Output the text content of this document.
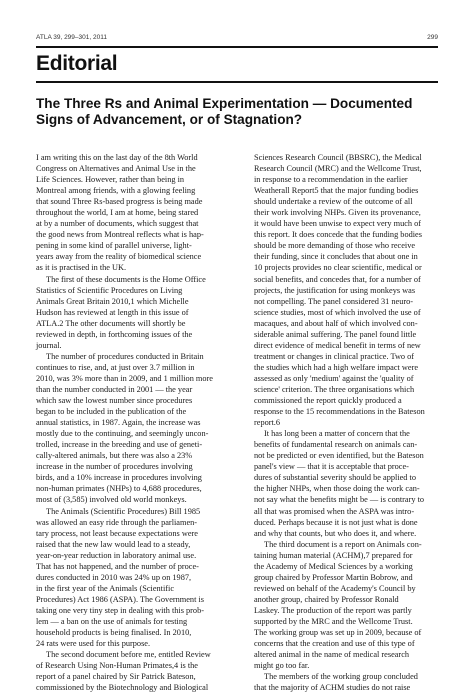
ATLA 39, 299–301, 2011	299
Editorial
The Three Rs and Animal Experimentation — Documented
Signs of Advancement, or of Stagnation?
I am writing this on the last day of the 8th World
Congress on Alternatives and Animal Use in the
Life Sciences. However, rather than being in
Montreal among friends, with a glowing feeling
that sound Three Rs-based progress is being made
throughout the world, I am at home, being stared
at by a number of documents, which suggest that
the good news from Montreal reflects what is hap-
pening in some kind of parallel universe, light-
years away from the reality of biomedical science
as it is practised in the UK.
The first of these documents is the Home Office
Statistics of Scientific Procedures on Living
Animals Great Britain 2010,1 which Michelle
Hudson has reviewed at length in this issue of
ATLA.2 The other documents will shortly be
reviewed in depth, in forthcoming issues of the
journal.
The number of procedures conducted in Britain
continues to rise, and, at just over 3.7 million in
2010, was 3% more than in 2009, and 1 million more
than the number conducted in 2001 — the year
which saw the lowest number since procedures
began to be included in the publication of the
annual statistics, in 1987. Again, the increase was
mostly due to the continuing, and seemingly uncon-
trolled, increase in the breeding and use of geneti-
cally-altered animals, but there was also a 23%
increase in the number of procedures involving
birds, and a 10% increase in procedures involving
non-human primates (NHPs) to 4,688 procedures,
most of (3,585) involved old world monkeys.
The Animals (Scientific Procedures) Bill 1985
was allowed an easy ride through the parliamen-
tary process, not least because expectations were
raised that the new law would lead to a steady,
year-on-year reduction in laboratory animal use.
That has not happened, and the number of proce-
dures conducted in 2010 was 24% up on 1987,
in the first year of the Animals (Scientific
Procedures) Act 1986 (ASPA). The Government is
taking one very tiny step in dealing with this prob-
lem — a ban on the use of animals for testing
household products is being finalised. In 2010,
24 rats were used for this purpose.
The second document before me, entitled Review
of Research Using Non-Human Primates,4 is the
report of a panel chaired by Sir Patrick Bateson,
commissioned by the Biotechnology and Biological
Sciences Research Council (BBSRC), the Medical
Research Council (MRC) and the Wellcome Trust,
in response to a recommendation in the earlier
Weatherall Report5 that the major funding bodies
should undertake a review of the outcome of all
their work involving NHPs. Given its provenance,
it would have been unwise to expect very much of
this report. It does concede that the funding bodies
should be more demanding of those who receive
their funding, since it concludes that about one in
10 projects provides no clear scientific, medical or
social benefits, and concedes that, for a number of
projects, the justification for using monkeys was
not compelling. The panel considered 31 neuro-
science studies, most of which involved the use of
macaques, and about half of which involved con-
siderable animal suffering. The panel found little
direct evidence of medical benefit in terms of new
treatment or changes in clinical practice. Two of
the studies which had a high welfare impact were
assessed as only 'medium' against the 'quality of
science' criterion. The three organisations which
commissioned the report quickly produced a
response to the 15 recommendations in the Bateson
report.6
It has long been a matter of concern that the
benefits of fundamental research on animals can-
not be predicted or even identified, but the Bateson
panel's view — that it is acceptable that proce-
dures of substantial severity should be applied to
the higher NHPs, when those doing the work can-
not say what the benefits might be — is contrary to
all that was promised when the ASPA was intro-
duced. Perhaps because it is not just what is done
and why that counts, but who does it, and where.
The third document is a report on Animals con-
taining human material (ACHM),7 prepared for
the Academy of Medical Sciences by a working
group chaired by Professor Martin Bobrow, and
reviewed on behalf of the Academy's Council by
another group, chaired by Professor Ronald
Laskey. The production of the report was partly
supported by the MRC and the Wellcome Trust.
The working group was set up in 2009, because of
concerns that the creation and use of this type of
altered animal in the name of medical research
might go too far.
The members of the working group concluded
that the majority of ACHM studies do not raise
